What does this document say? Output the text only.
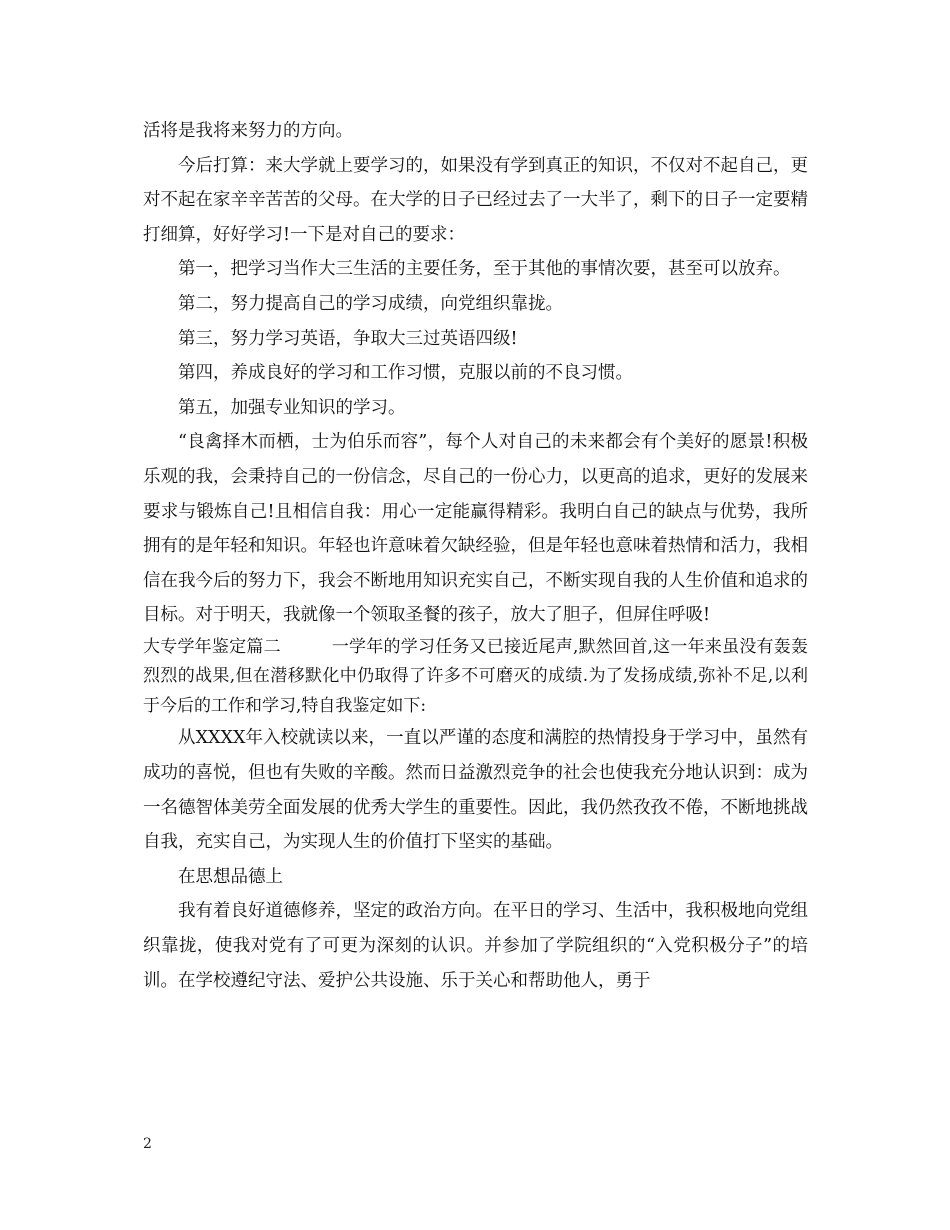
活将是我将来努力的方向。

今后打算：来大学就上要学习的，如果没有学到真正的知识，不仅对不起自己，更对不起在家辛辛苦苦的父母。在大学的日子已经过去了一大半了，剩下的日子一定要精打细算，好好学习!一下是对自己的要求：

第一，把学习当作大三生活的主要任务，至于其他的事情次要，甚至可以放弃。

第二，努力提高自己的学习成绩，向党组织靠拢。

第三，努力学习英语，争取大三过英语四级!

第四，养成良好的学习和工作习惯，克服以前的不良习惯。

第五，加强专业知识的学习。

“良禽择木而栖，士为伯乐而容”，每个人对自己的未来都会有个美好的愿景!积极乐观的我，会秉持自己的一份信念，尽自己的一份心力，以更高的追求，更好的发展来要求与锻炼自己!且相信自我：用心一定能赢得精彩。我明白自己的缺点与优势，我所拥有的是年轻和知识。年轻也许意味着欠缺经验，但是年轻也意味着热情和活力，我相信在我今后的努力下，我会不断地用知识充实自己，不断实现自我的人生价值和追求的目标。对于明天，我就像一个领取圣餐的孩子，放大了胆子，但屏住呼吸!

大专学年鉴定篇二	一学年的学习任务又已接近尾声,默然回首,这一年来虽没有轰轰烈烈的战果,但在潜移默化中仍取得了许多不可磨灭的成绩.为了发扬成绩,弥补不足,以利于今后的工作和学习,特自我鉴定如下:

从XXXX年入校就读以来，一直以严谨的态度和满腔的热情投身于学习中，虽然有成功的喜悦，但也有失败的辛酸。然而日益激烈竞争的社会也使我充分地认识到：成为一名德智体美劳全面发展的优秀大学生的重要性。因此，我仍然孜孜不倦，不断地挑战自我，充实自己，为实现人生的价值打下坚实的基础。

在思想品德上

我有着良好道德修养，坚定的政治方向。在平日的学习、生活中，我积极地向党组织靠拢，使我对党有了可更为深刻的认识。并参加了学院组织的“入党积极分子”的培训。在学校遵纪守法、爱护公共设施、乐于关心和帮助他人，勇于

2
